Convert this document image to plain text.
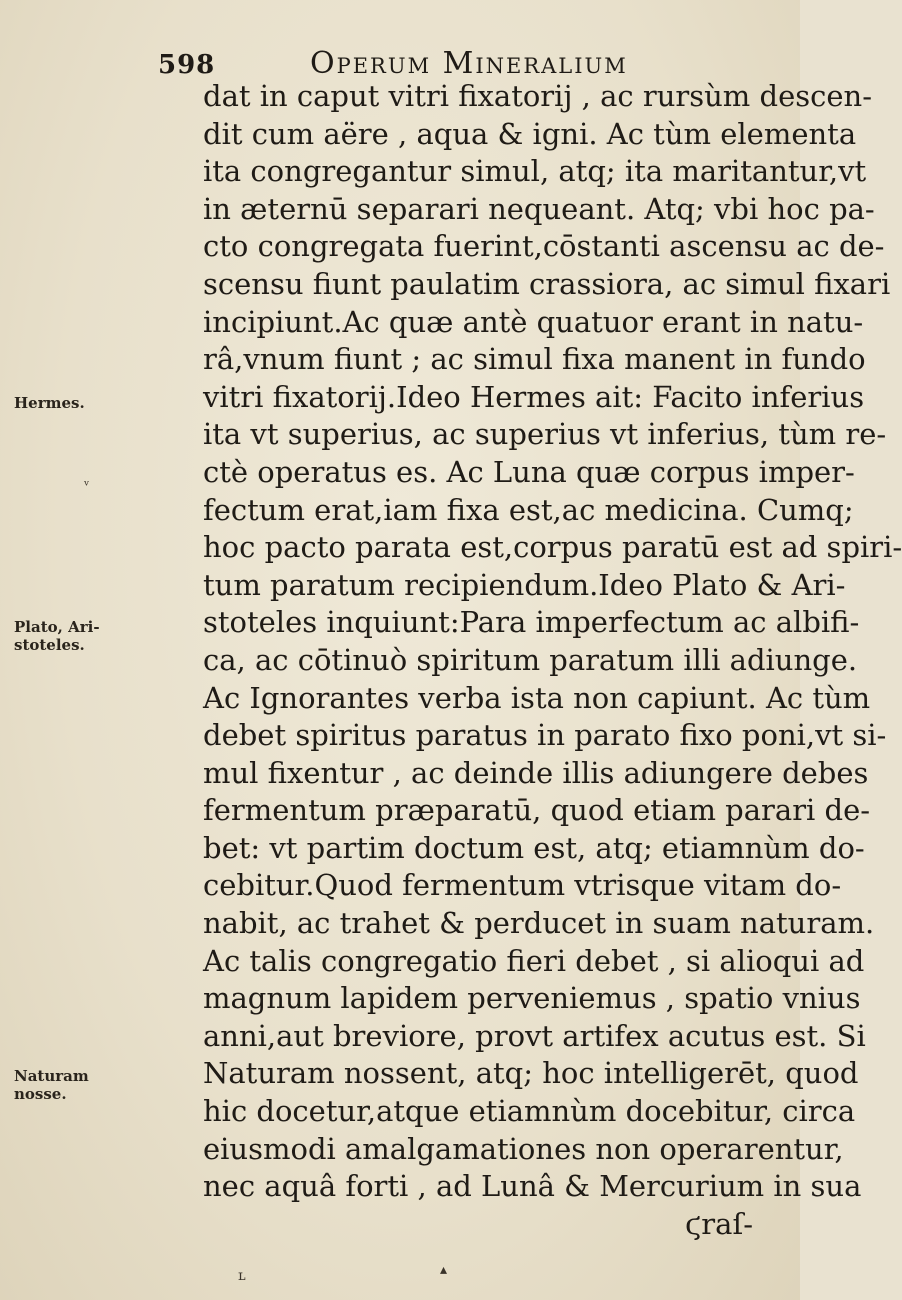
598	Operum Mineralium
Hermes.
Plato, Ari-
stoteles.
Naturam
nosse.
dat in caput vitri fixatorij , ac rursùm descen-
dit cum aëre , aqua & igni. Ac tùm elementa
ita congregantur simul, atq; ita maritantur,vt
in æternū separari nequeant. Atq; vbi hoc pa-
cto congregata fuerint,cōstanti ascensu ac de-
scensu fiunt paulatim crassiora, ac simul fixari
incipiunt.Ac quæ antè quatuor erant in natu-
râ,vnum fiunt ; ac simul fixa manent in fundo
vitri fixatorij.Ideo Hermes ait: Facito inferius
ita vt superius, ac superius vt inferius, tùm re-
ctè operatus es. Ac Luna quæ corpus imper-
fectum erat,iam fixa est,ac medicina. Cumq;
hoc pacto parata est,corpus paratū est ad spiri-
tum paratum recipiendum.Ideo Plato & Ari-
stoteles inquiunt:Para imperfectum ac albifi-
ca, ac cōtinuò spiritum paratum illi adiunge.
Ac Ignorantes verba ista non capiunt. Ac tùm
debet spiritus paratus in parato fixo poni,vt si-
mul fixentur , ac deinde illis adiungere debes
fermentum præparatū, quod etiam parari de-
bet: vt partim doctum est, atq; etiamnùm do-
cebitur.Quod fermentum vtrisque vitam do-
nabit, ac trahet & perducet in suam naturam.
Ac talis congregatio fieri debet , si alioqui ad
magnum lapidem perveniemus , spatio vnius
anni,aut breviore, provt artifex acutus est. Si
Naturam nossent, atq; hoc intelligerēt, quod
hic docetur,atque etiamnùm docebitur, circa
eiusmodi amalgamationes non operarentur,
nec aquâ forti , ad Lunâ & Mercurium in sua
ϛraſ-
ᵛ
▴
ʟ
